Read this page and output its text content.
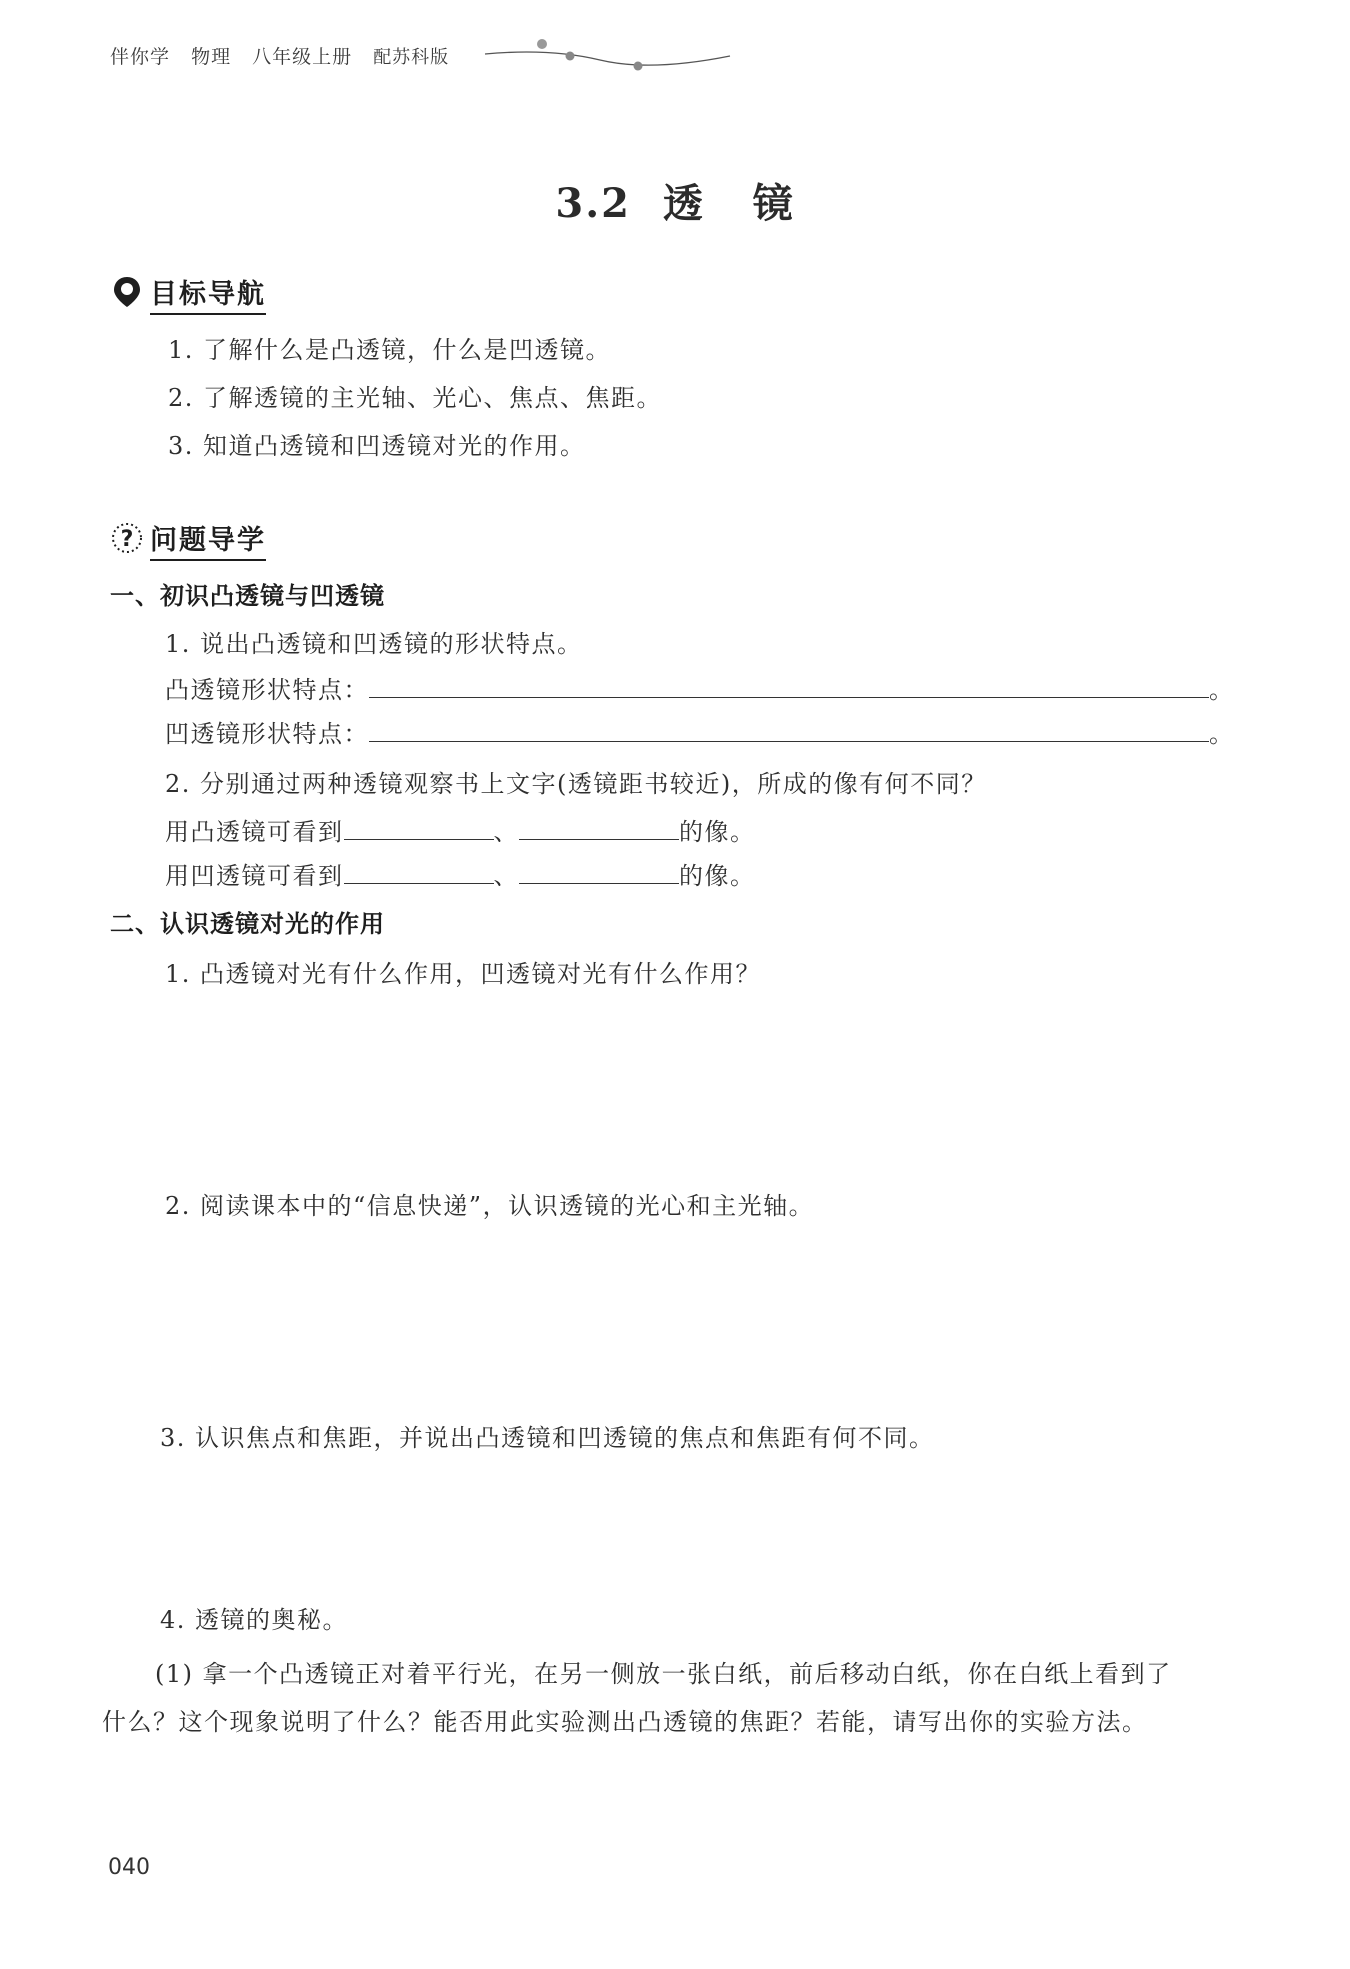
伴你学 物理 八年级上册 配苏科版
3.2  透   镜
目标导航
1. 了解什么是凸透镜，什么是凹透镜。
2. 了解透镜的主光轴、光心、焦点、焦距。
3. 知道凸透镜和凹透镜对光的作用。
? 问题导学
一、初识凸透镜与凹透镜
1. 说出凸透镜和凹透镜的形状特点。
凸透镜形状特点：	。
凹透镜形状特点：	。
2. 分别通过两种透镜观察书上文字(透镜距书较近)，所成的像有何不同？
用凸透镜可看到	、	的像。
用凹透镜可看到	、	的像。
二、认识透镜对光的作用
1. 凸透镜对光有什么作用，凹透镜对光有什么作用？
2. 阅读课本中的“信息快递”，认识透镜的光心和主光轴。
3. 认识焦点和焦距，并说出凸透镜和凹透镜的焦点和焦距有何不同。
4. 透镜的奥秘。
(1) 拿一个凸透镜正对着平行光，在另一侧放一张白纸，前后移动白纸，你在白纸上看到了
什么？这个现象说明了什么？能否用此实验测出凸透镜的焦距？若能，请写出你的实验方法。
040
